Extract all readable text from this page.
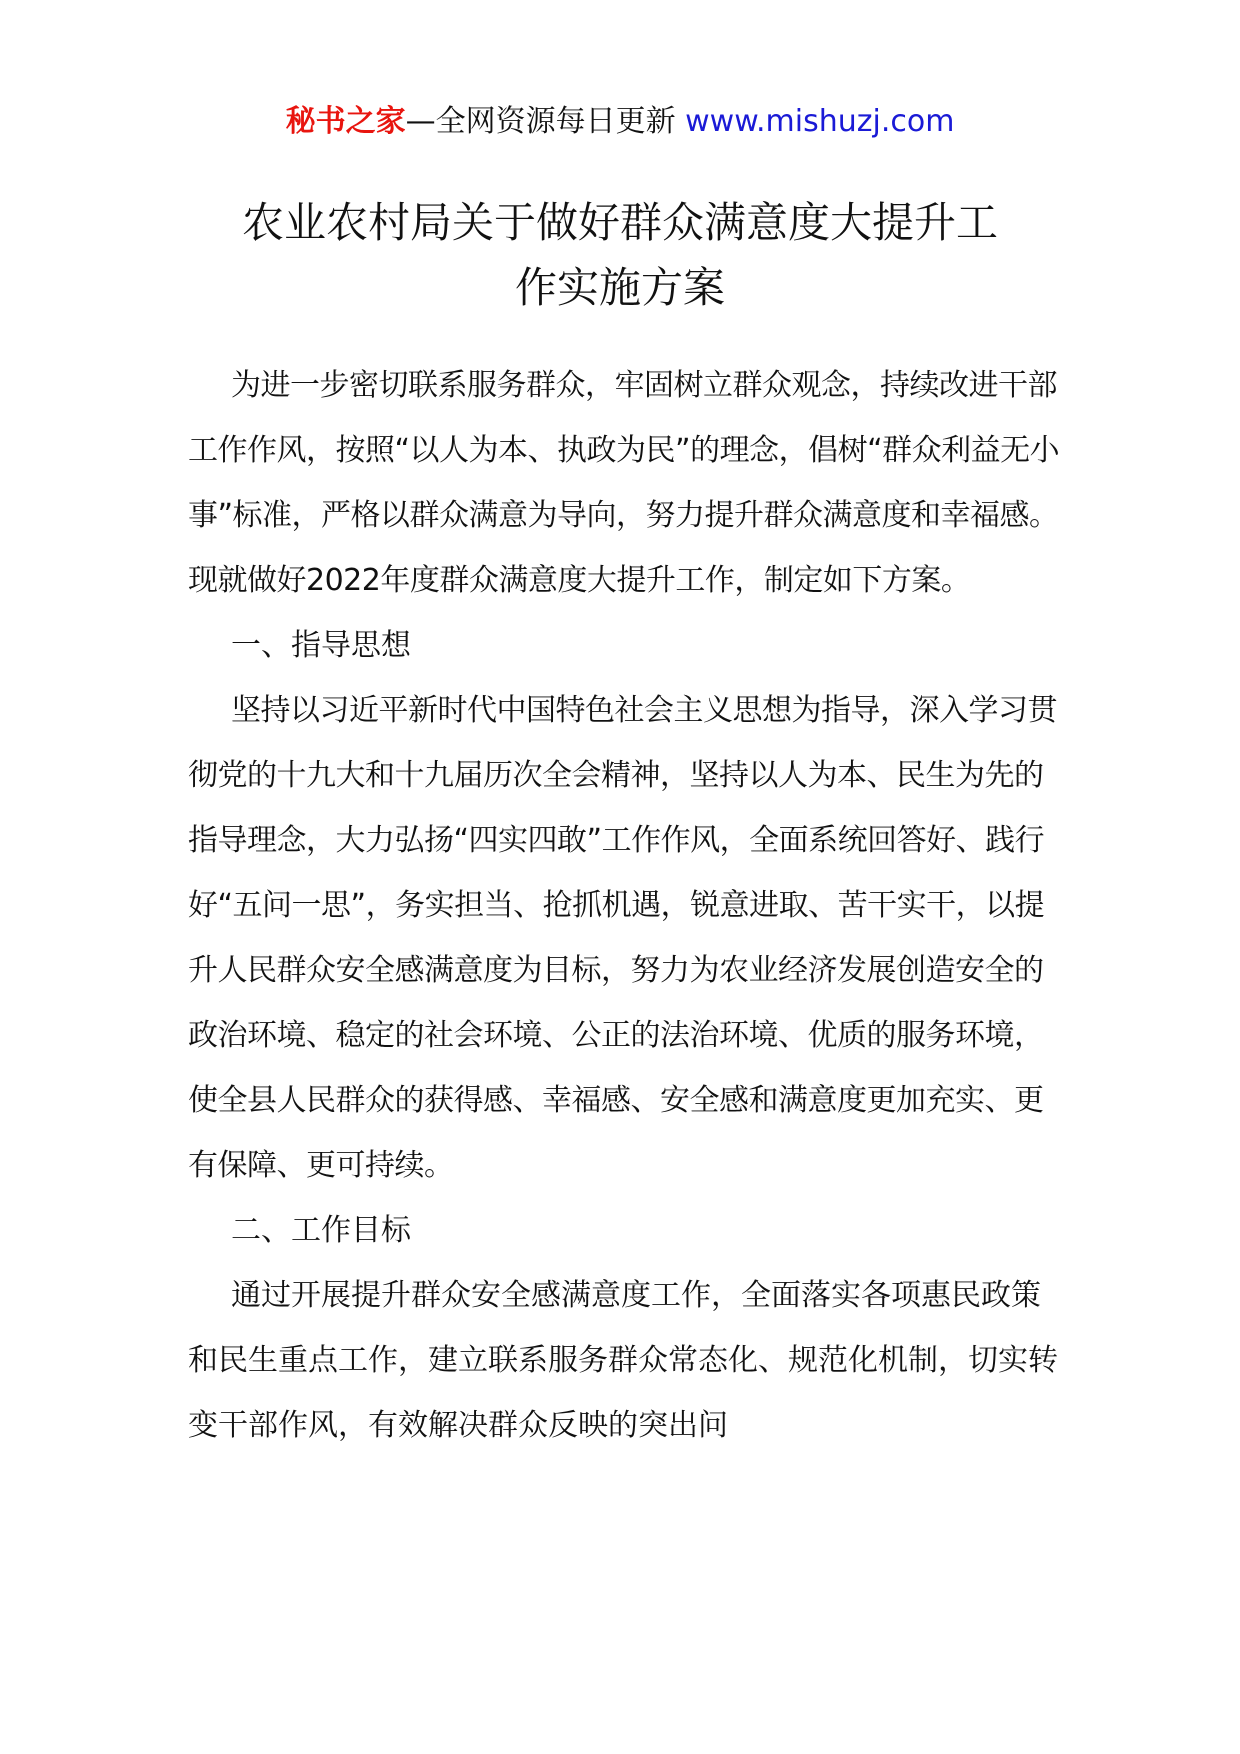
秘书之家—全网资源每日更新 www.mishuzj.com
农业农村局关于做好群众满意度大提升工
作实施方案

为进一步密切联系服务群众，牢固树立群众观念，持续改进干部工作作风，按照“以人为本、执政为民”的理念，倡树“群众利益无小事”标准，严格以群众满意为导向，努力提升群众满意度和幸福感。现就做好2022年度群众满意度大提升工作，制定如下方案。

一、指导思想

坚持以习近平新时代中国特色社会主义思想为指导，深入学习贯彻党的十九大和十九届历次全会精神，坚持以人为本、民生为先的指导理念，大力弘扬“四实四敢”工作作风，全面系统回答好、践行好“五问一思”，务实担当、抢抓机遇，锐意进取、苦干实干，以提升人民群众安全感满意度为目标，努力为农业经济发展创造安全的政治环境、稳定的社会环境、公正的法治环境、优质的服务环境，使全县人民群众的获得感、幸福感、安全感和满意度更加充实、更有保障、更可持续。

二、工作目标

通过开展提升群众安全感满意度工作，全面落实各项惠民政策和民生重点工作，建立联系服务群众常态化、规范化机制，切实转变干部作风，有效解决群众反映的突出问
